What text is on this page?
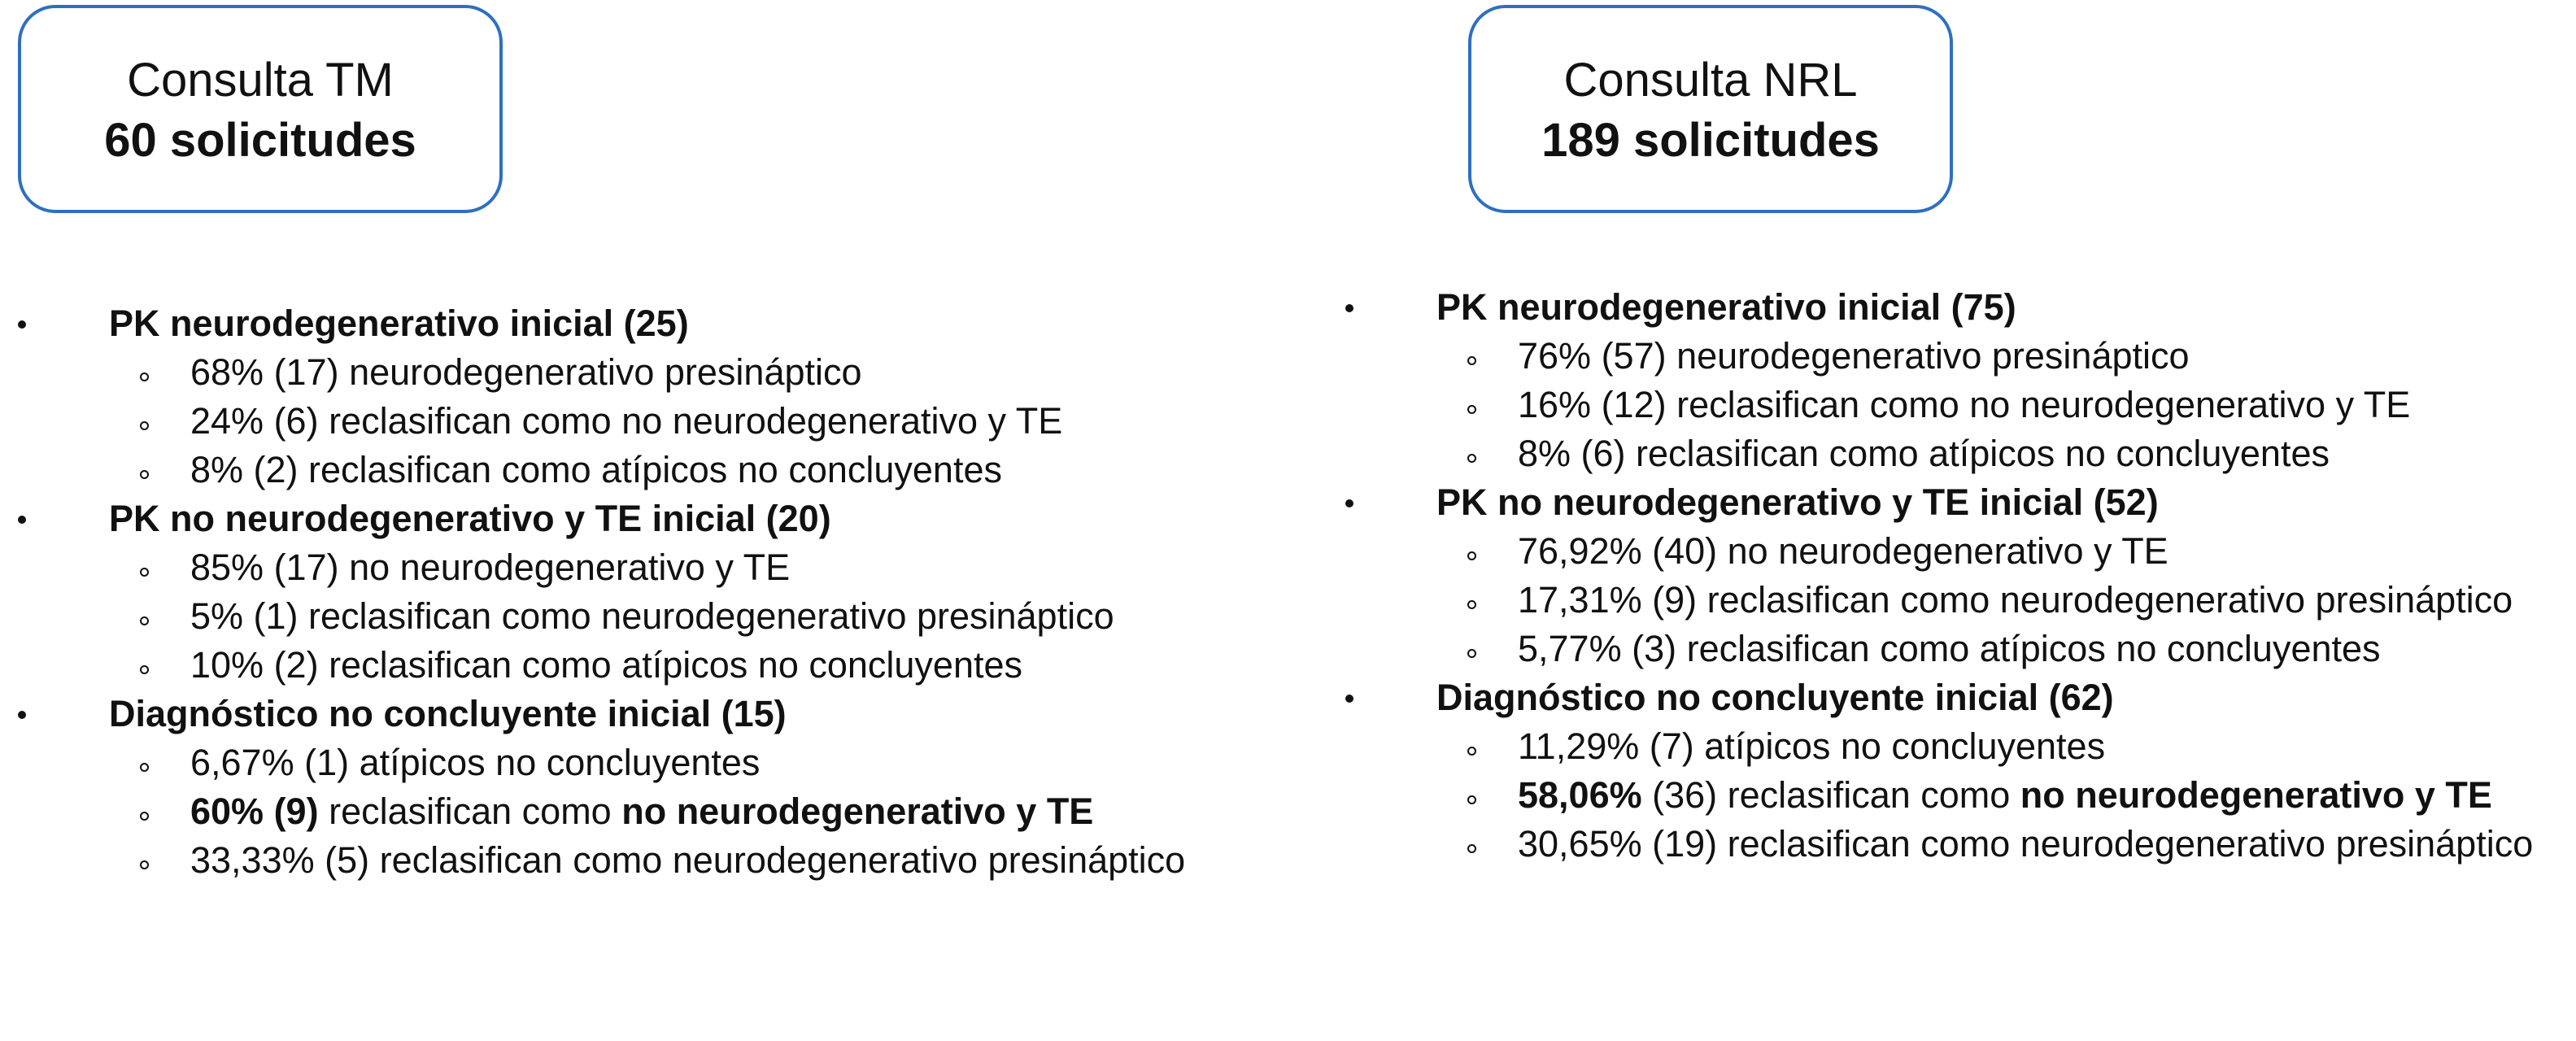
Consulta TM
60 solicitudes
Consulta NRL
189 solicitudes
PK neurodegenerativo inicial (25)
68% (17) neurodegenerativo presináptico
24% (6) reclasifican como no neurodegenerativo y TE
8% (2) reclasifican como atípicos no concluyentes
PK no neurodegenerativo y TE inicial (20)
85% (17) no neurodegenerativo y TE
5% (1) reclasifican como neurodegenerativo presináptico
10% (2) reclasifican como atípicos no concluyentes
Diagnóstico no concluyente inicial (15)
6,67% (1) atípicos no concluyentes
60% (9) reclasifican como no neurodegenerativo y TE
33,33% (5) reclasifican como neurodegenerativo presináptico
PK neurodegenerativo inicial (75)
76% (57) neurodegenerativo presináptico
16% (12) reclasifican como no neurodegenerativo y TE
8% (6) reclasifican como atípicos no concluyentes
PK no neurodegenerativo y TE inicial (52)
76,92% (40) no neurodegenerativo y TE
17,31% (9) reclasifican como neurodegenerativo presináptico
5,77% (3) reclasifican como atípicos no concluyentes
Diagnóstico no concluyente inicial (62)
11,29% (7) atípicos no concluyentes
58,06% (36) reclasifican como no neurodegenerativo y TE
30,65% (19) reclasifican como neurodegenerativo presináptico
